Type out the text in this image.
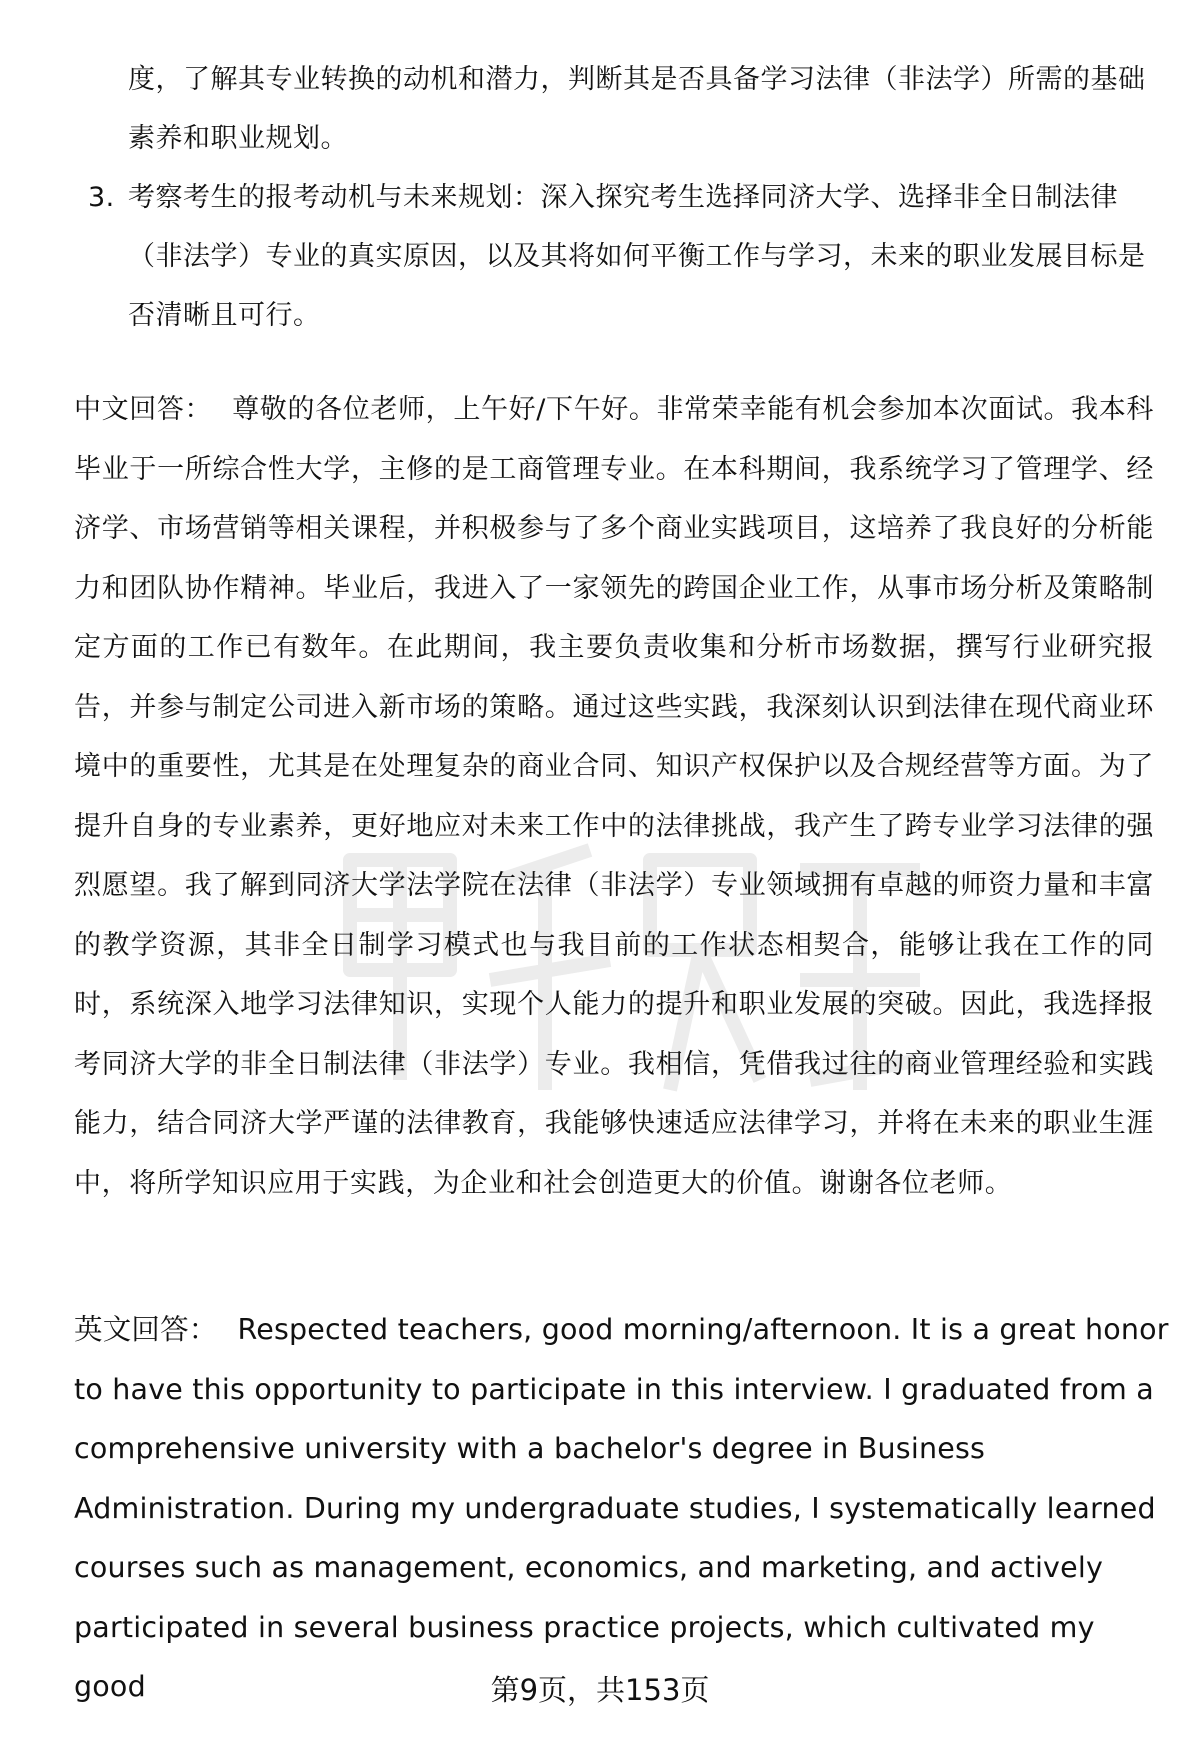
度，了解其专业转换的动机和潜力，判断其是否具备学习法律（非法学）所需的基础素养和职业规划。
3. 考察考生的报考动机与未来规划：深入探究考生选择同济大学、选择非全日制法律（非法学）专业的真实原因，以及其将如何平衡工作与学习，未来的职业发展目标是否清晰且可行。

中文回答： 尊敬的各位老师，上午好/下午好。非常荣幸能有机会参加本次面试。我本科毕业于一所综合性大学，主修的是工商管理专业。在本科期间，我系统学习了管理学、经济学、市场营销等相关课程，并积极参与了多个商业实践项目，这培养了我良好的分析能力和团队协作精神。毕业后，我进入了一家领先的跨国企业工作，从事市场分析及策略制定方面的工作已有数年。在此期间，我主要负责收集和分析市场数据，撰写行业研究报告，并参与制定公司进入新市场的策略。通过这些实践，我深刻认识到法律在现代商业环境中的重要性，尤其是在处理复杂的商业合同、知识产权保护以及合规经营等方面。为了提升自身的专业素养，更好地应对未来工作中的法律挑战，我产生了跨专业学习法律的强烈愿望。我了解到同济大学法学院在法律（非法学）专业领域拥有卓越的师资力量和丰富的教学资源，其非全日制学习模式也与我目前的工作状态相契合，能够让我在工作的同时，系统深入地学习法律知识，实现个人能力的提升和职业发展的突破。因此，我选择报考同济大学的非全日制法律（非法学）专业。我相信，凭借我过往的商业管理经验和实践能力，结合同济大学严谨的法律教育，我能够快速适应法律学习，并将在未来的职业生涯中，将所学知识应用于实践，为企业和社会创造更大的价值。谢谢各位老师。

英文回答： Respected teachers, good morning/afternoon. It is a great honor to have this opportunity to participate in this interview. I graduated from a comprehensive university with a bachelor's degree in Business Administration. During my undergraduate studies, I systematically learned courses such as management, economics, and marketing, and actively participated in several business practice projects, which cultivated my good	第9页，共153页
